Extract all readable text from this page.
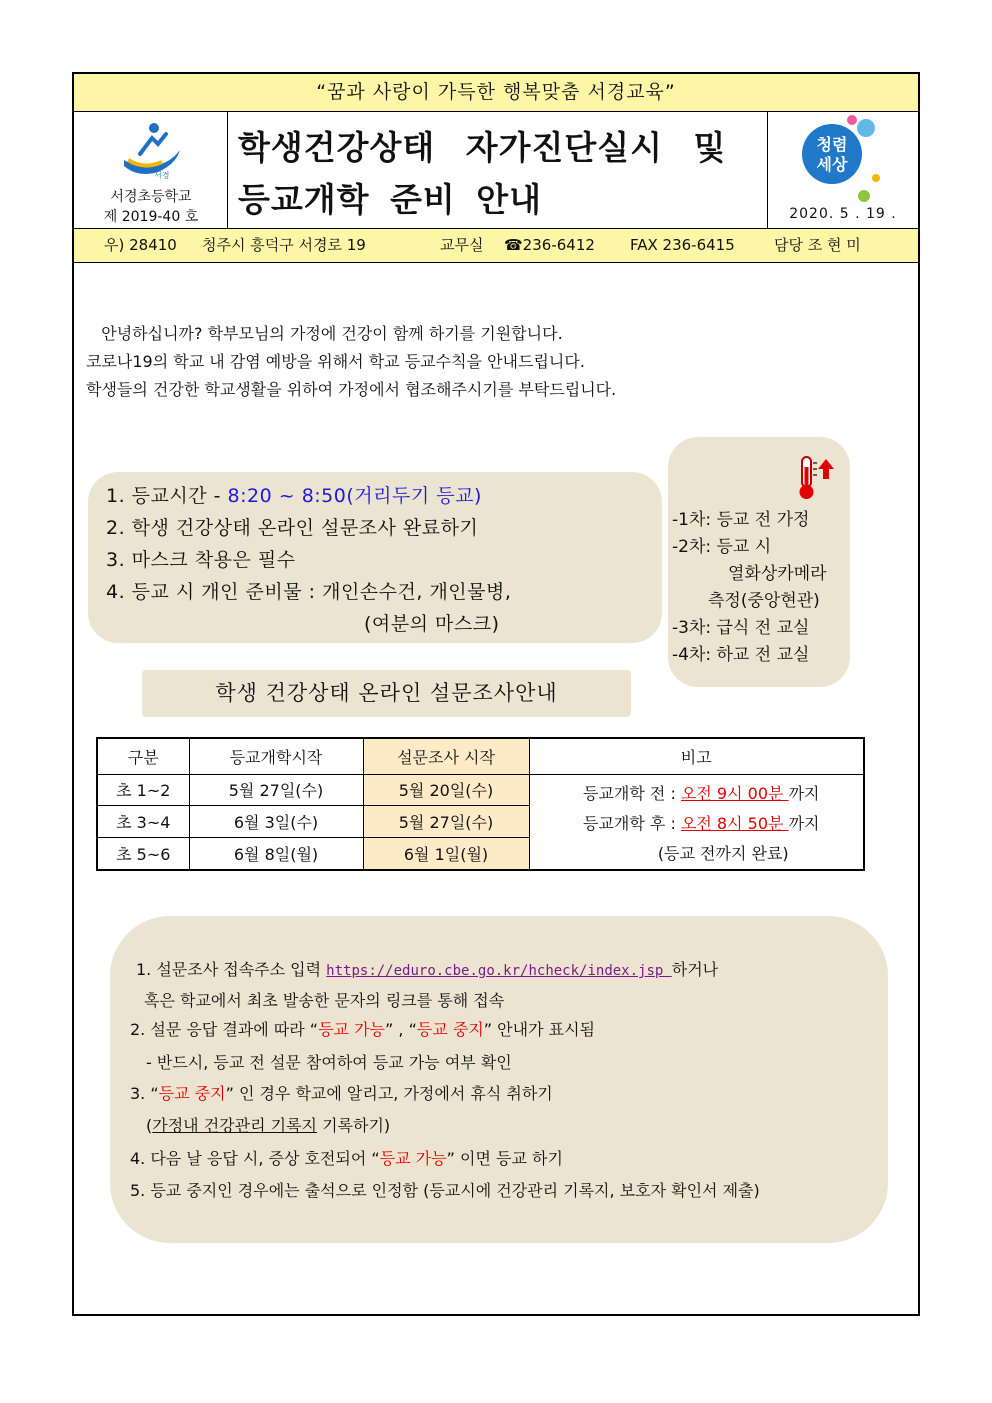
“꿈과 사랑이 가득한 행복맞춤 서경교육”
서경
서경초등학교
제 2019-40 호
학생건강상태 자가진단실시 및
등교개학 준비 안내
청렴
세상
2020. 5 . 19 .
우) 28410 청주시 흥덕구 서경로 19	교무실 ☎236-6412 FAX 236-6415	담당 조 현 미

안녕하십니까? 학부모님의 가정에 건강이 함께 하기를 기원합니다.

코로나19의 학교 내 감염 예방을 위해서 학교 등교수칙을 안내드립니다.

학생들의 건강한 학교생활을 위하여 가정에서 협조해주시기를 부탁드립니다.

1. 등교시간 - 8:20 ~ 8:50(거리두기 등교)

2. 학생 건강상태 온라인 설문조사 완료하기

3. 마스크 착용은 필수

4. 등교 시 개인 준비물 : 개인손수건, 개인물병,

(여분의 마스크)

-1차: 등교 전 가정
-2차: 등교 시
열화상카메라
측정(중앙현관)
-3차: 급식 전 교실
-4차: 하교 전 교실
학생 건강상태 온라인 설문조사안내
구분	등교개학시작	설문조사 시작	비고
초 1~2	5월 27일(수)	5월 20일(수)	등교개학 전 : 오전 9시 00분 까지
등교개학 후 : 오전 8시 50분 까지
(등교 전까지 완료)

초 3~4	6월 3일(수)	5월 27일(수)	
초 5~6	6월 8일(월)	6월 1일(월)	
1. 설문조사 접속주소 입력 https://eduro.cbe.go.kr/hcheck/index.jsp 하거나
혹은 학교에서 최초 발송한 문자의 링크를 통해 접속
2. 설문 응답 결과에 따라 “등교 가능” , “등교 중지” 안내가 표시됨
- 반드시, 등교 전 설문 참여하여 등교 가능 여부 확인
3. “등교 중지” 인 경우 학교에 알리고, 가정에서 휴식 취하기
(가정내 건강관리 기록지 기록하기)
4. 다음 날 응답 시, 증상 호전되어 “등교 가능” 이면 등교 하기
5. 등교 중지인 경우에는 출석으로 인정함 (등교시에 건강관리 기록지, 보호자 확인서 제출)
